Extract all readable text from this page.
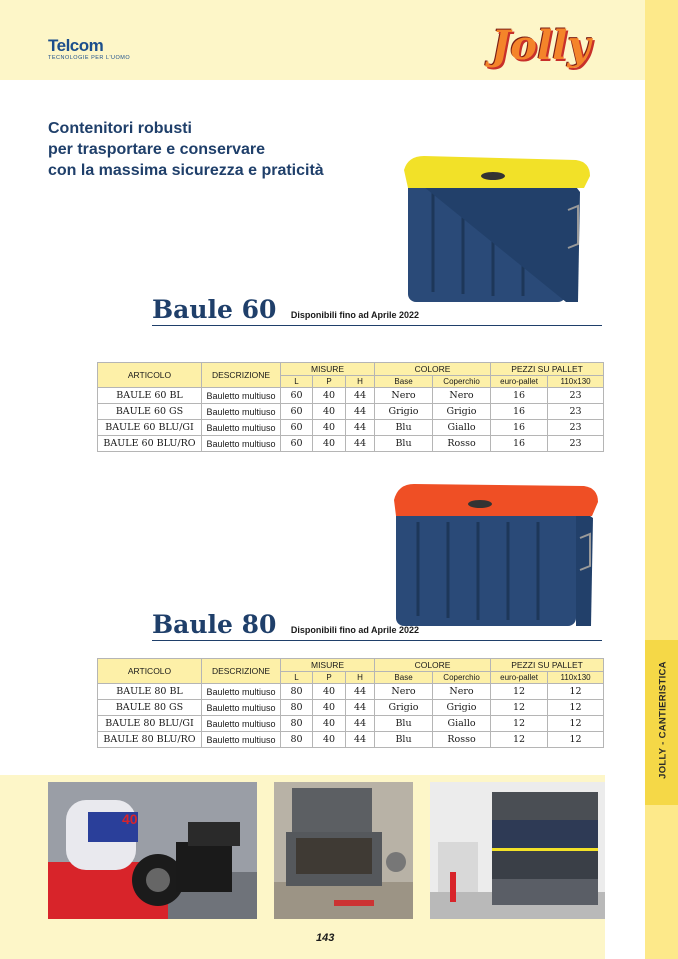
JOLLY - CANTIERISTICA
Telcom
TECNOLOGIE PER L'UOMO	Jolly
Contenitori robusti
per trasportare e conservare
con la massima sicurezza e praticità
Baule 60 Disponibili fino ad Aprile 2022
ARTICOLO	DESCRIZIONE	MISURE			COLORE		PEZZI SU PALLET	
		L	P	H	Base	Coperchio	euro-pallet	110x130
BAULE 60 BL	Bauletto multiuso	60	40	44	Nero	Nero	16	23
BAULE 60 GS	Bauletto multiuso	60	40	44	Grigio	Grigio	16	23
BAULE 60 BLU/GI	Bauletto multiuso	60	40	44	Blu	Giallo	16	23
BAULE 60 BLU/RO	Bauletto multiuso	60	40	44	Blu	Rosso	16	23
Baule 80 Disponibili fino ad Aprile 2022
ARTICOLO	DESCRIZIONE	MISURE			COLORE		PEZZI SU PALLET	
		L	P	H	Base	Coperchio	euro-pallet	110x130
BAULE 80 BL	Bauletto multiuso	80	40	44	Nero	Nero	12	12
BAULE 80 GS	Bauletto multiuso	80	40	44	Grigio	Grigio	12	12
BAULE 80 BLU/GI	Bauletto multiuso	80	40	44	Blu	Giallo	12	12
BAULE 80 BLU/RO	Bauletto multiuso	80	40	44	Blu	Rosso	12	12
40
143
